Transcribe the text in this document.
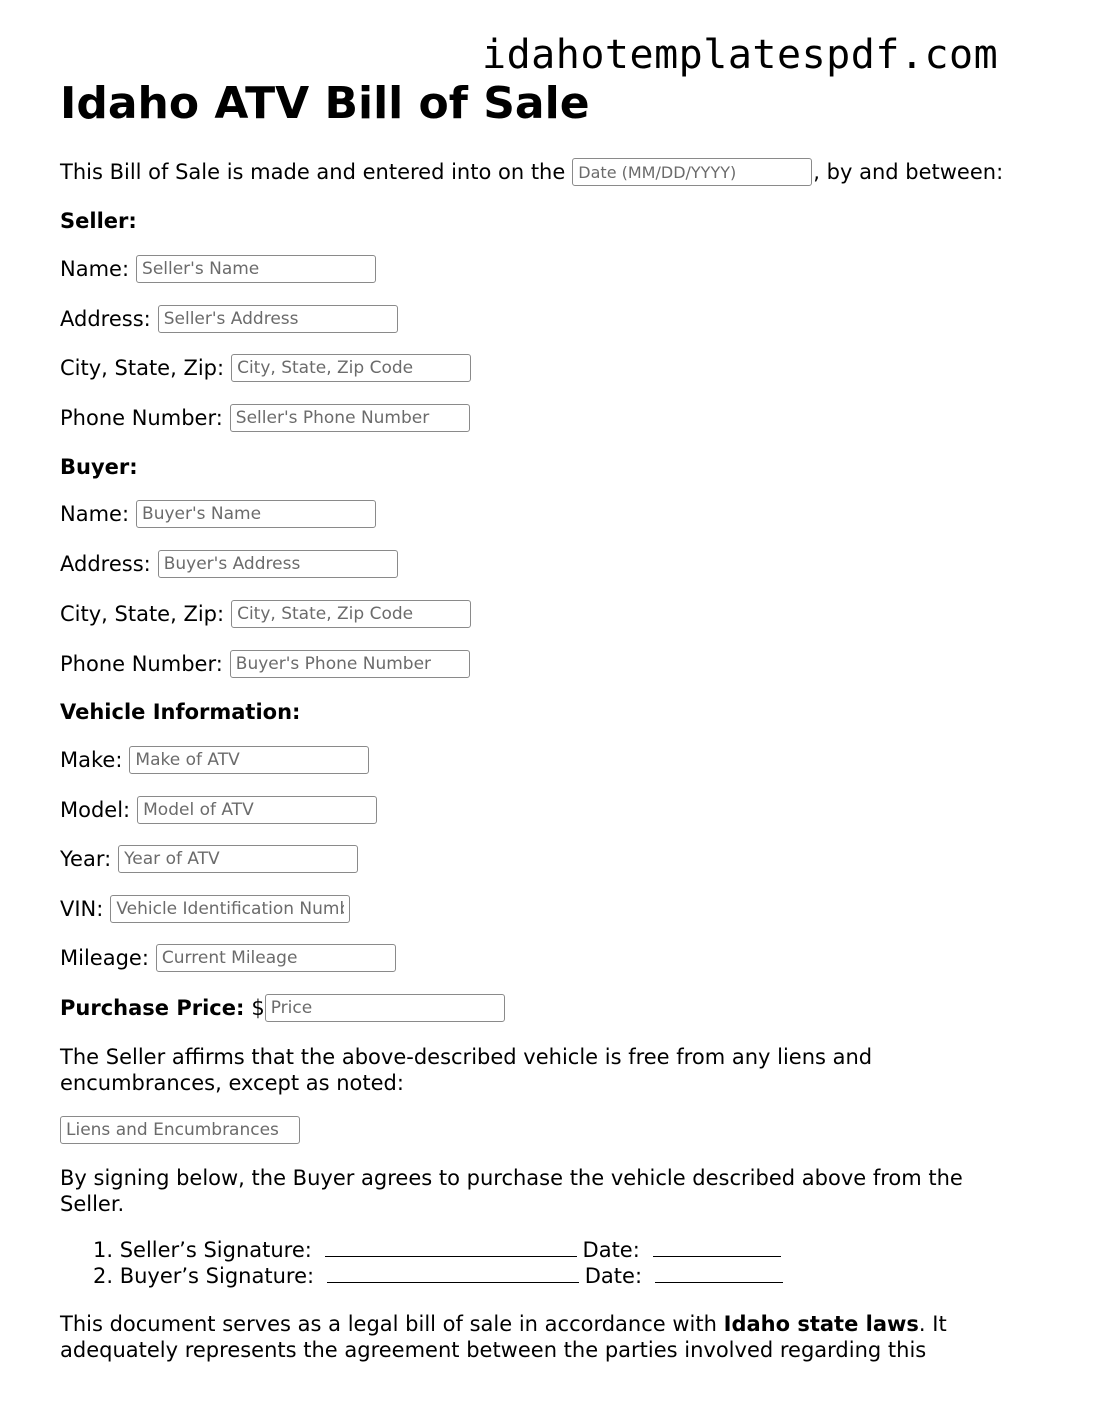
idahotemplatespdf.com
Idaho ATV Bill of Sale
This Bill of Sale is made and entered into on the
Date (MM/DD/YYYY)	, by and between:
Seller:
Name:
Seller's Name
Address:
Seller's Address
City, State, Zip:
City, State, Zip Code
Phone Number:
Seller's Phone Number
Buyer:
Name:
Buyer's Name
Address:
Buyer's Address
City, State, Zip:
City, State, Zip Code
Phone Number:
Buyer's Phone Number
Vehicle Information:
Make:
Make of ATV
Model:
Model of ATV
Year:
Year of ATV
VIN:
Vehicle Identification Number
Mileage:
Current Mileage
Purchase Price: $
Price
The Seller affirms that the above-described vehicle is free from any liens and encumbrances, except as noted:
Liens and Encumbrances
By signing below, the Buyer agrees to purchase the vehicle described above from the Seller.
1. Seller’s Signature:	Date:
2. Buyer’s Signature:	Date:
This document serves as a legal bill of sale in accordance with Idaho state laws. It adequately represents the agreement between the parties involved regarding this
